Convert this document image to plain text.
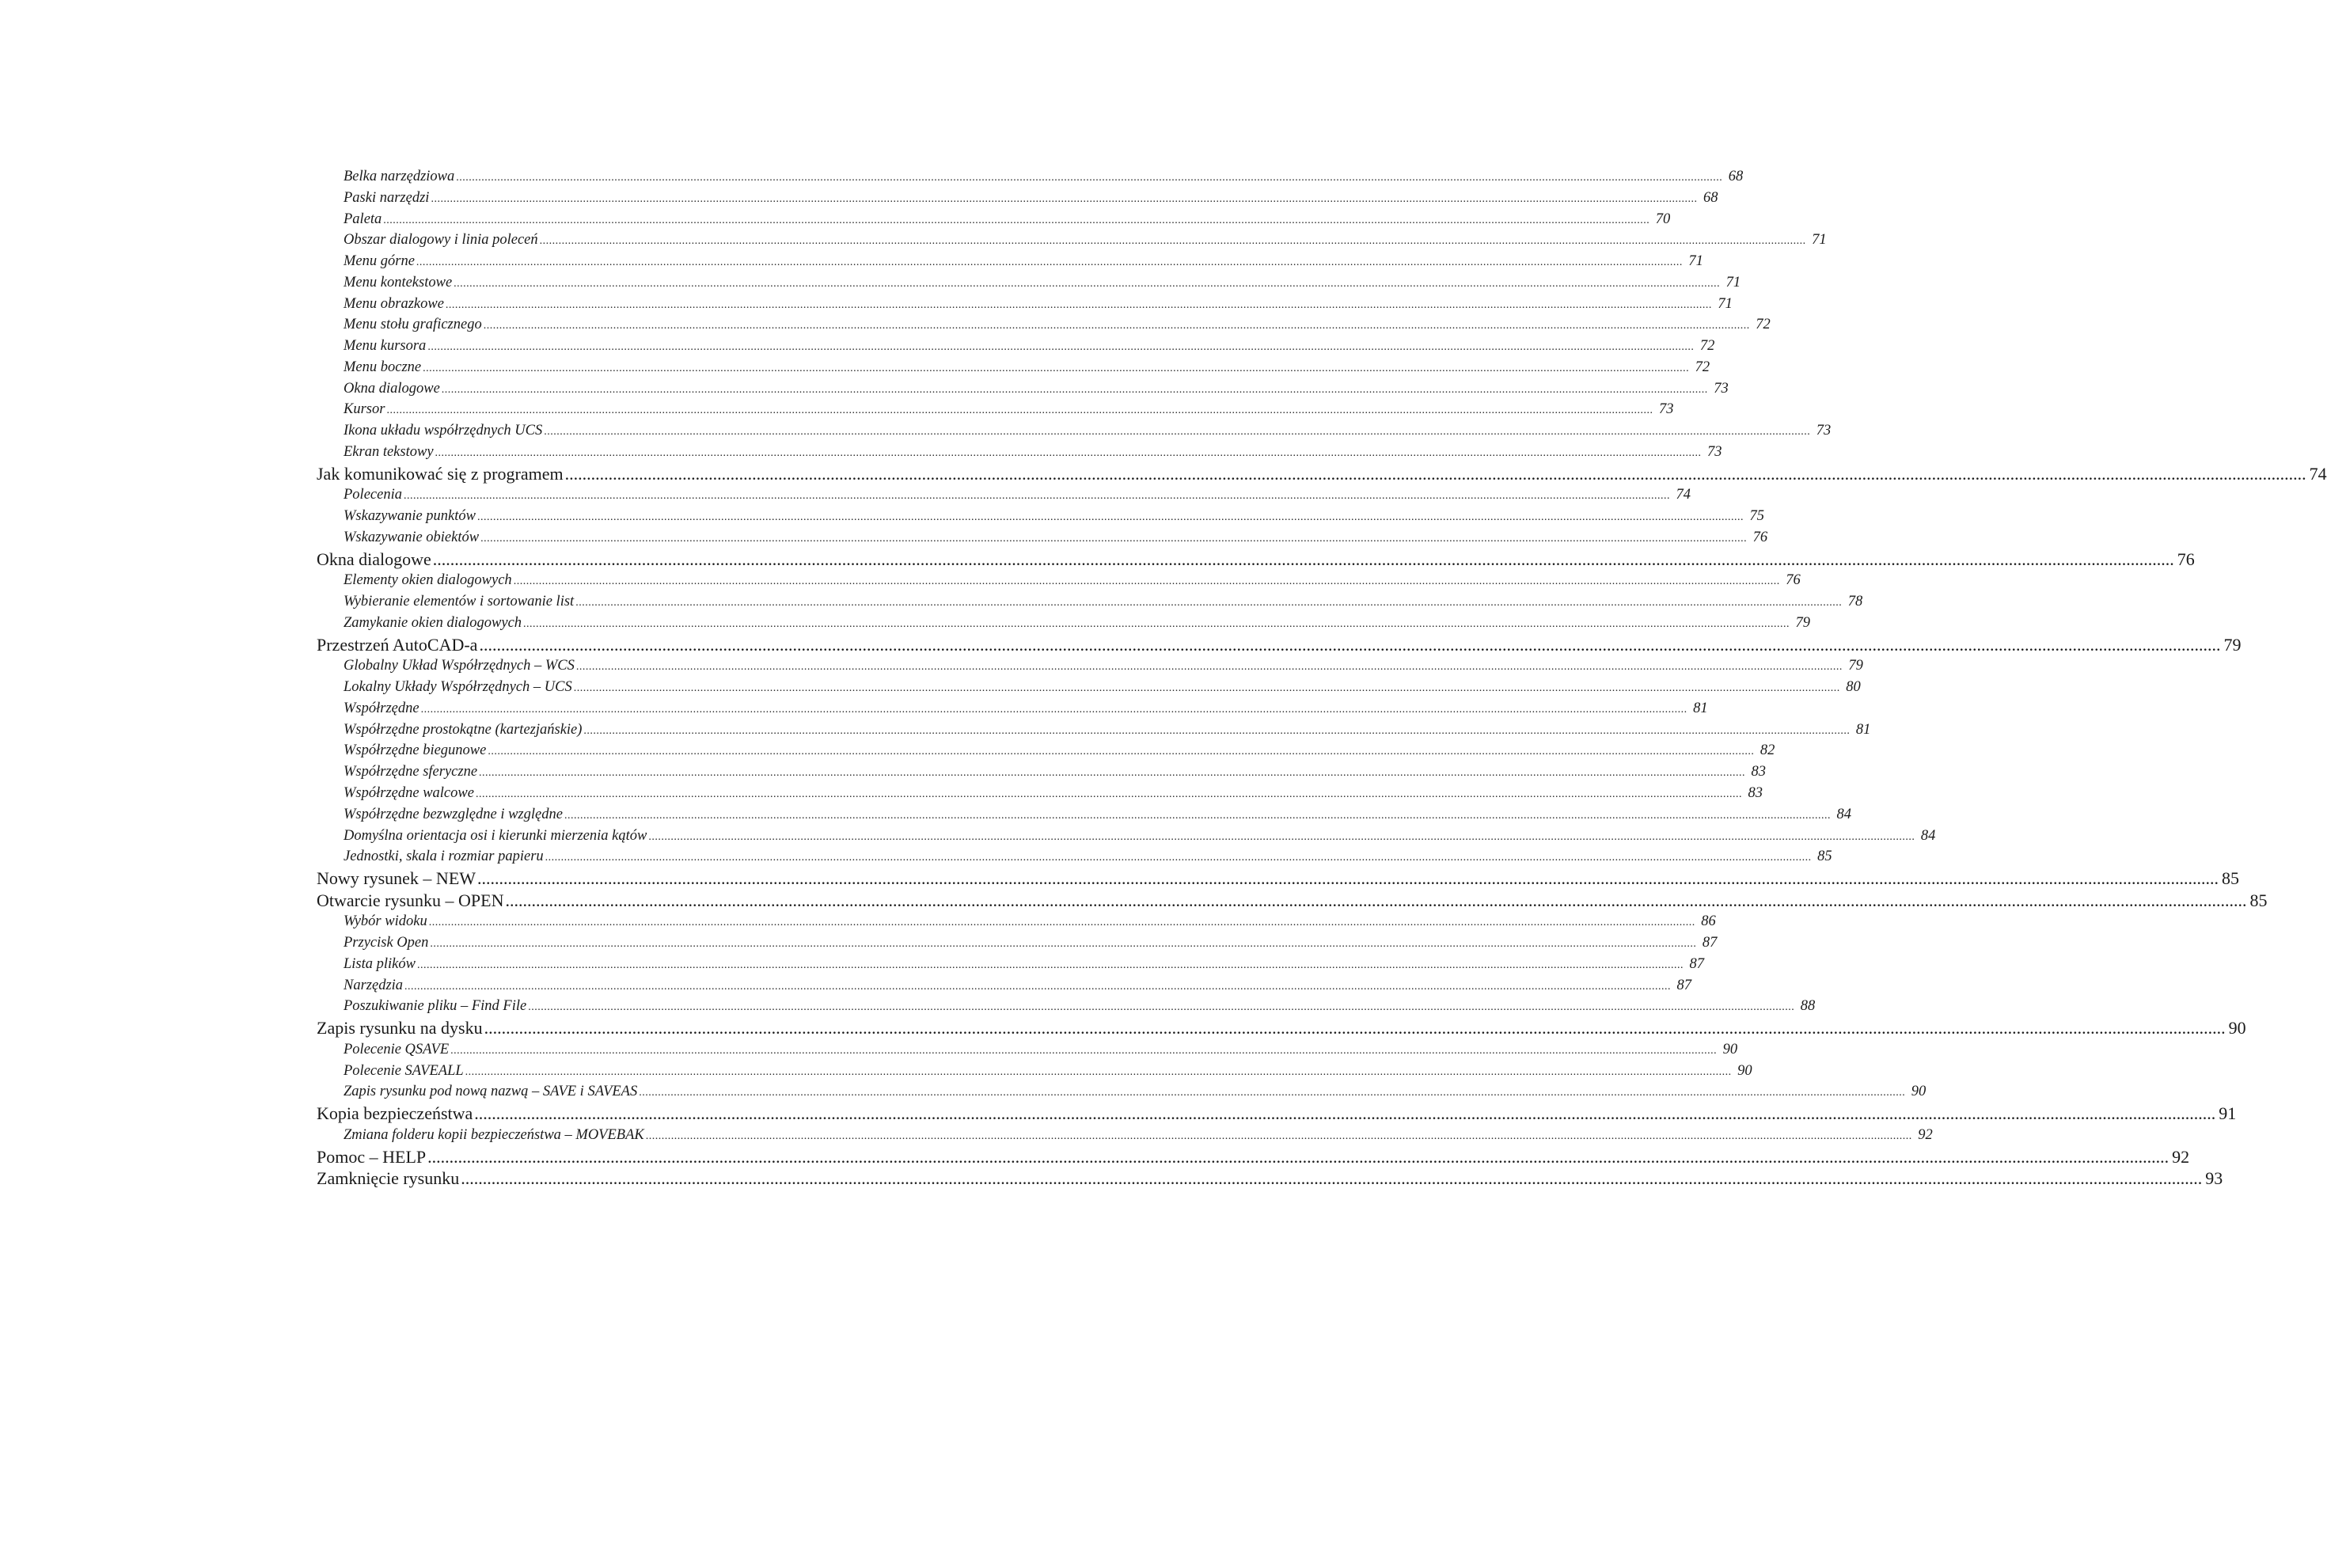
Belka narzędziowa ................................................................................................................................................................................................................................................................................................................................................................................................................ 68
Paski narzędzi ................................................................................................................................................................................................................................................................................................................................................................................................................ 68
Paleta ................................................................................................................................................................................................................................................................................................................................................................................................................ 70
Obszar dialogowy i linia poleceń ................................................................................................................................................................................................................................................................................................................................................................................................................ 71
Menu górne ................................................................................................................................................................................................................................................................................................................................................................................................................ 71
Menu kontekstowe ................................................................................................................................................................................................................................................................................................................................................................................................................ 71
Menu obrazkowe ................................................................................................................................................................................................................................................................................................................................................................................................................ 71
Menu stołu graficznego ................................................................................................................................................................................................................................................................................................................................................................................................................ 72
Menu kursora ................................................................................................................................................................................................................................................................................................................................................................................................................ 72
Menu boczne ................................................................................................................................................................................................................................................................................................................................................................................................................ 72
Okna dialogowe ................................................................................................................................................................................................................................................................................................................................................................................................................ 73
Kursor ................................................................................................................................................................................................................................................................................................................................................................................................................ 73
Ikona układu współrzędnych UCS ................................................................................................................................................................................................................................................................................................................................................................................................................ 73
Ekran tekstowy ................................................................................................................................................................................................................................................................................................................................................................................................................ 73
Jak komunikować się z programem ................................................................................................................................................................................................................................................................................................................................................................................................................ 74
Polecenia ................................................................................................................................................................................................................................................................................................................................................................................................................ 74
Wskazywanie punktów ................................................................................................................................................................................................................................................................................................................................................................................................................ 75
Wskazywanie obiektów ................................................................................................................................................................................................................................................................................................................................................................................................................ 76
Okna dialogowe ................................................................................................................................................................................................................................................................................................................................................................................................................ 76
Elementy okien dialogowych ................................................................................................................................................................................................................................................................................................................................................................................................................ 76
Wybieranie elementów i sortowanie list ................................................................................................................................................................................................................................................................................................................................................................................................................ 78
Zamykanie okien dialogowych ................................................................................................................................................................................................................................................................................................................................................................................................................ 79
Przestrzeń AutoCAD-a ................................................................................................................................................................................................................................................................................................................................................................................................................ 79
Globalny Układ Współrzędnych – WCS ................................................................................................................................................................................................................................................................................................................................................................................................................ 79
Lokalny Układy Współrzędnych – UCS ................................................................................................................................................................................................................................................................................................................................................................................................................ 80
Współrzędne ................................................................................................................................................................................................................................................................................................................................................................................................................ 81
Współrzędne prostokątne (kartezjańskie) ................................................................................................................................................................................................................................................................................................................................................................................................................ 81
Współrzędne biegunowe ................................................................................................................................................................................................................................................................................................................................................................................................................ 82
Współrzędne sferyczne ................................................................................................................................................................................................................................................................................................................................................................................................................ 83
Współrzędne walcowe ................................................................................................................................................................................................................................................................................................................................................................................................................ 83
Współrzędne bezwzględne i względne ................................................................................................................................................................................................................................................................................................................................................................................................................ 84
Domyślna orientacja osi i kierunki mierzenia kątów ................................................................................................................................................................................................................................................................................................................................................................................................................ 84
Jednostki, skala i rozmiar papieru ................................................................................................................................................................................................................................................................................................................................................................................................................ 85
Nowy rysunek – NEW ................................................................................................................................................................................................................................................................................................................................................................................................................ 85
Otwarcie rysunku – OPEN ................................................................................................................................................................................................................................................................................................................................................................................................................ 85
Wybór widoku ................................................................................................................................................................................................................................................................................................................................................................................................................ 86
Przycisk Open ................................................................................................................................................................................................................................................................................................................................................................................................................ 87
Lista plików ................................................................................................................................................................................................................................................................................................................................................................................................................ 87
Narzędzia ................................................................................................................................................................................................................................................................................................................................................................................................................ 87
Poszukiwanie pliku – Find File ................................................................................................................................................................................................................................................................................................................................................................................................................ 88
Zapis rysunku na dysku ................................................................................................................................................................................................................................................................................................................................................................................................................ 90
Polecenie QSAVE ................................................................................................................................................................................................................................................................................................................................................................................................................ 90
Polecenie SAVEALL ................................................................................................................................................................................................................................................................................................................................................................................................................ 90
Zapis rysunku pod nową nazwą – SAVE i SAVEAS ................................................................................................................................................................................................................................................................................................................................................................................................................ 90
Kopia bezpieczeństwa ................................................................................................................................................................................................................................................................................................................................................................................................................ 91
Zmiana folderu kopii bezpieczeństwa – MOVEBAK ................................................................................................................................................................................................................................................................................................................................................................................................................ 92
Pomoc – HELP ................................................................................................................................................................................................................................................................................................................................................................................................................ 92
Zamknięcie rysunku ................................................................................................................................................................................................................................................................................................................................................................................................................ 93
